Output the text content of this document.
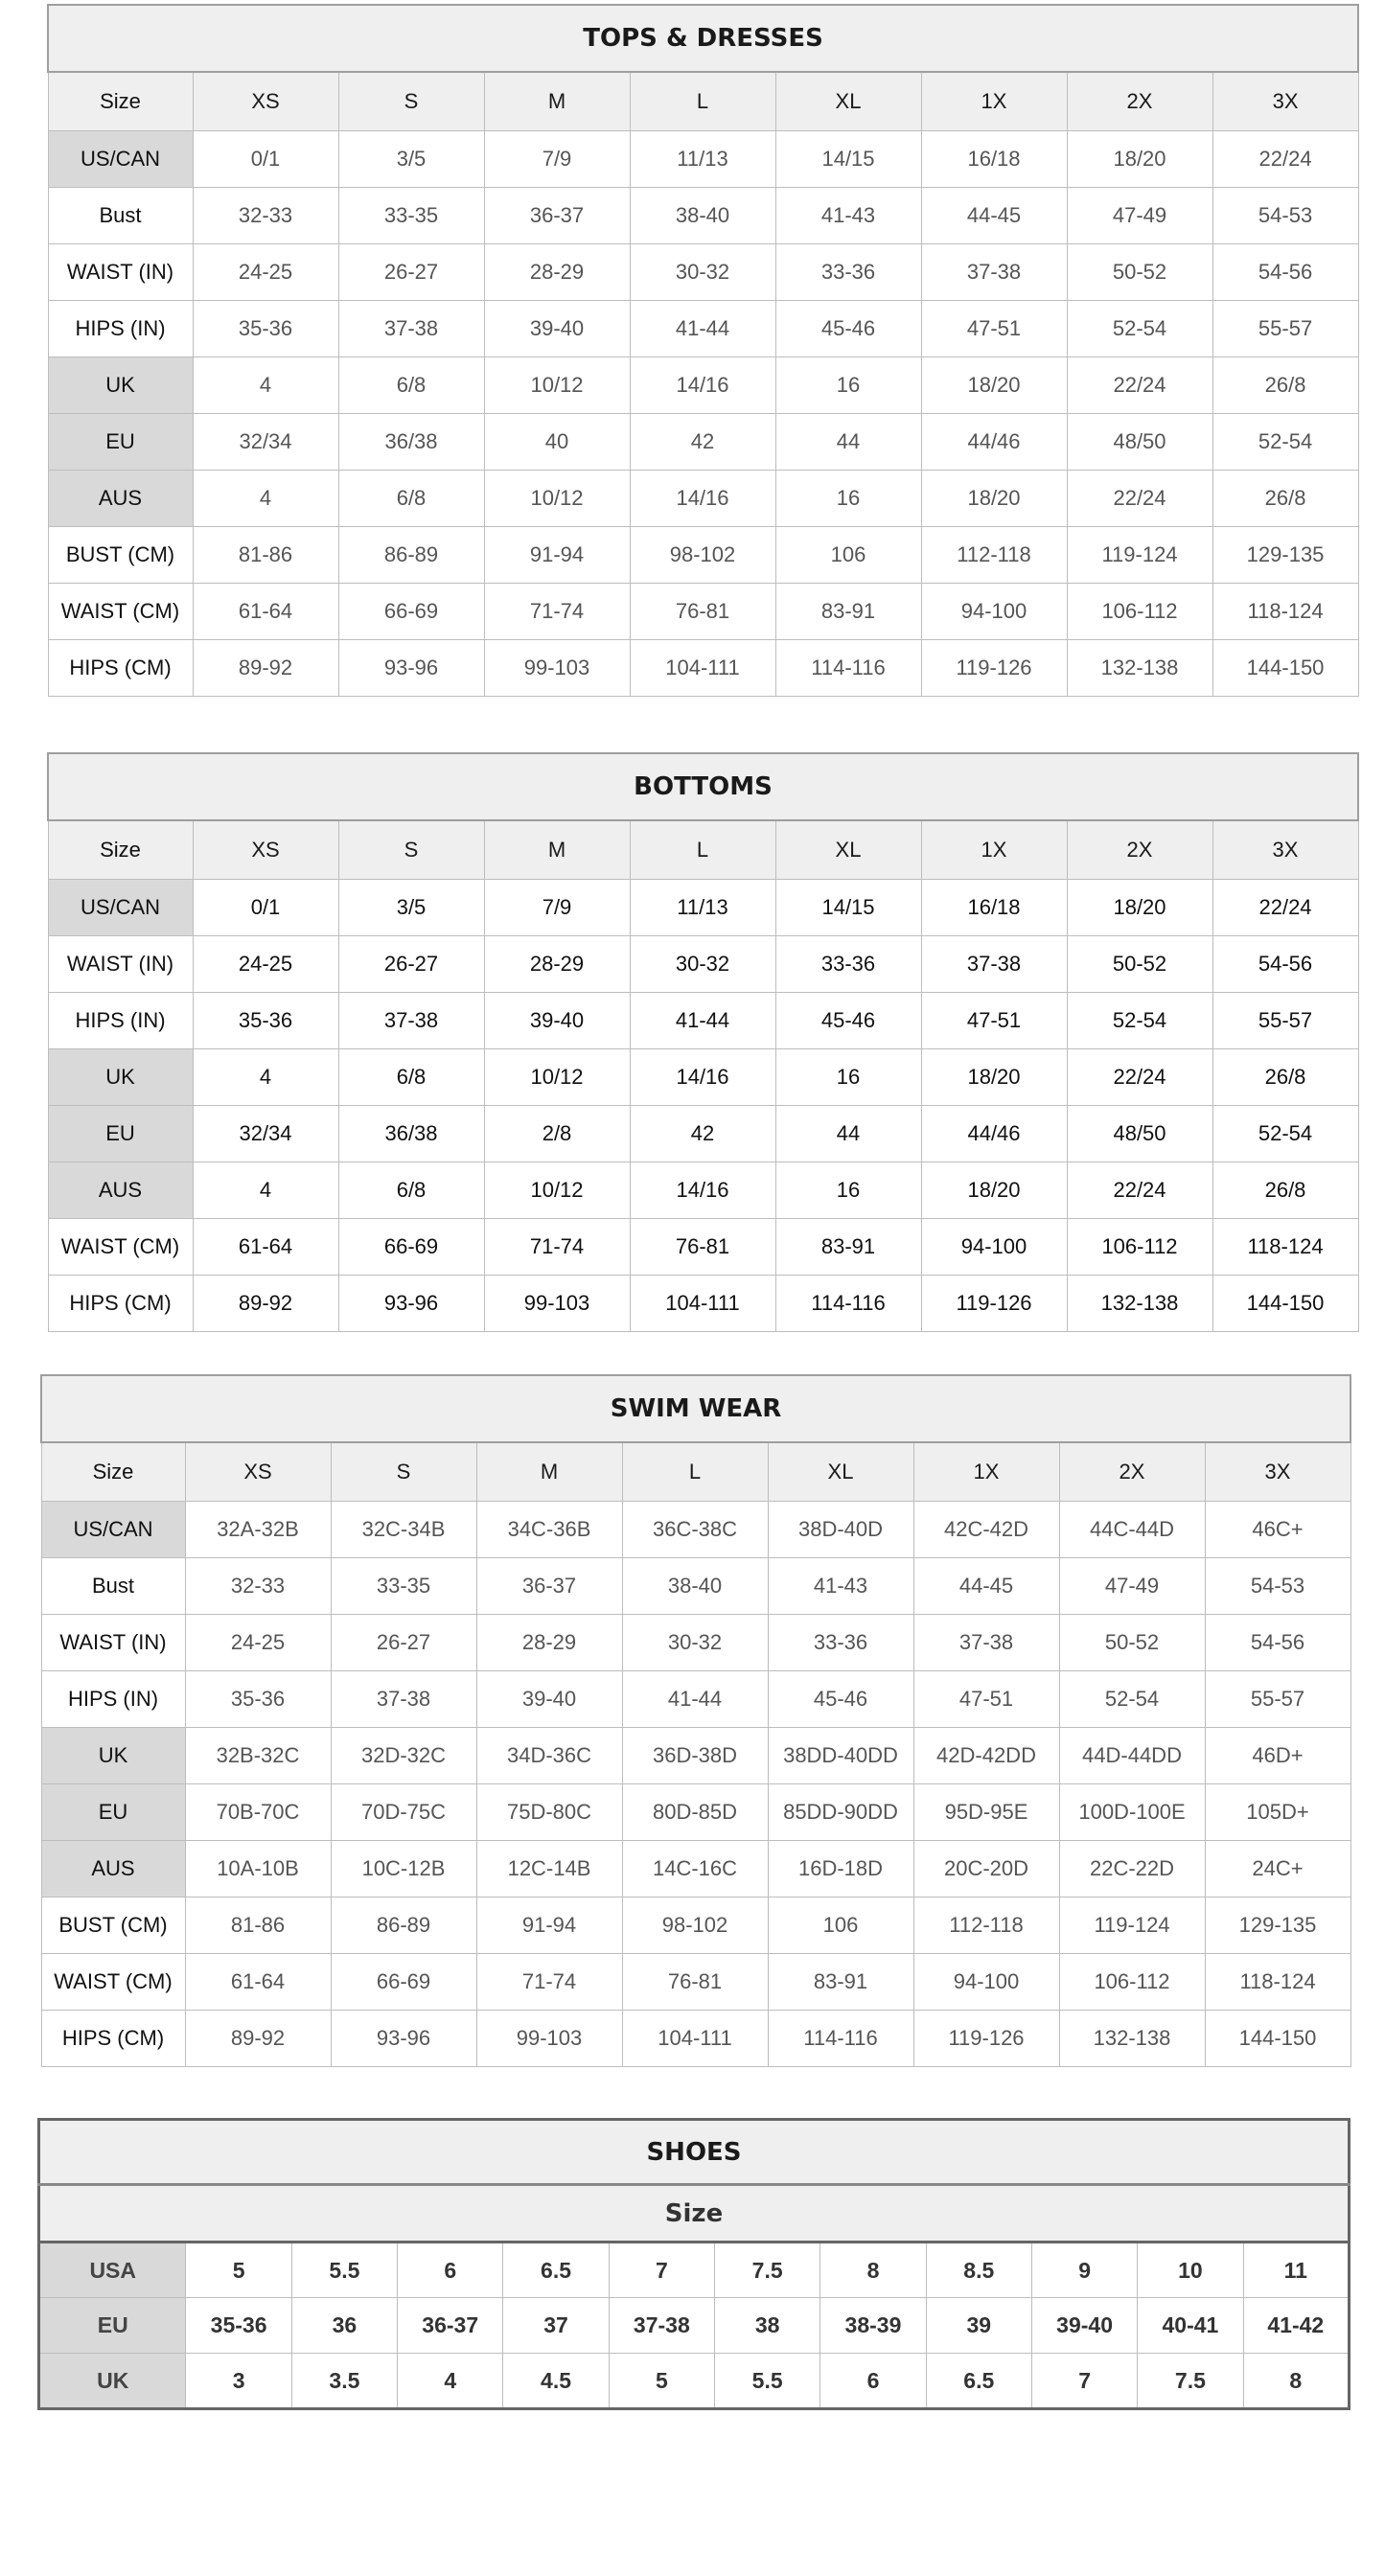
TOPS & DRESSES								
Size	XS	S	M	L	XL	1X	2X	3X
US/CAN	0/1	3/5	7/9	11/13	14/15	16/18	18/20	22/24
Bust	32-33	33-35	36-37	38-40	41-43	44-45	47-49	54-53
WAIST (IN)	24-25	26-27	28-29	30-32	33-36	37-38	50-52	54-56
HIPS (IN)	35-36	37-38	39-40	41-44	45-46	47-51	52-54	55-57
UK	4	6/8	10/12	14/16	16	18/20	22/24	26/8
EU	32/34	36/38	40	42	44	44/46	48/50	52-54
AUS	4	6/8	10/12	14/16	16	18/20	22/24	26/8
BUST (CM)	81-86	86-89	91-94	98-102	106	112-118	119-124	129-135
WAIST (CM)	61-64	66-69	71-74	76-81	83-91	94-100	106-112	118-124
HIPS (CM)	89-92	93-96	99-103	104-111	114-116	119-126	132-138	144-150
BOTTOMS								
Size	XS	S	M	L	XL	1X	2X	3X
US/CAN	0/1	3/5	7/9	11/13	14/15	16/18	18/20	22/24
WAIST (IN)	24-25	26-27	28-29	30-32	33-36	37-38	50-52	54-56
HIPS (IN)	35-36	37-38	39-40	41-44	45-46	47-51	52-54	55-57
UK	4	6/8	10/12	14/16	16	18/20	22/24	26/8
EU	32/34	36/38	2/8	42	44	44/46	48/50	52-54
AUS	4	6/8	10/12	14/16	16	18/20	22/24	26/8
WAIST (CM)	61-64	66-69	71-74	76-81	83-91	94-100	106-112	118-124
HIPS (CM)	89-92	93-96	99-103	104-111	114-116	119-126	132-138	144-150
SWIM WEAR								
Size	XS	S	M	L	XL	1X	2X	3X
US/CAN	32A-32B	32C-34B	34C-36B	36C-38C	38D-40D	42C-42D	44C-44D	46C+
Bust	32-33	33-35	36-37	38-40	41-43	44-45	47-49	54-53
WAIST (IN)	24-25	26-27	28-29	30-32	33-36	37-38	50-52	54-56
HIPS (IN)	35-36	37-38	39-40	41-44	45-46	47-51	52-54	55-57
UK	32B-32C	32D-32C	34D-36C	36D-38D	38DD-40DD	42D-42DD	44D-44DD	46D+
EU	70B-70C	70D-75C	75D-80C	80D-85D	85DD-90DD	95D-95E	100D-100E	105D+
AUS	10A-10B	10C-12B	12C-14B	14C-16C	16D-18D	20C-20D	22C-22D	24C+
BUST (CM)	81-86	86-89	91-94	98-102	106	112-118	119-124	129-135
WAIST (CM)	61-64	66-69	71-74	76-81	83-91	94-100	106-112	118-124
HIPS (CM)	89-92	93-96	99-103	104-111	114-116	119-126	132-138	144-150
SHOES											
Size											
USA	5	5.5	6	6.5	7	7.5	8	8.5	9	10	11
EU	35-36	36	36-37	37	37-38	38	38-39	39	39-40	40-41	41-42
UK	3	3.5	4	4.5	5	5.5	6	6.5	7	7.5	8
